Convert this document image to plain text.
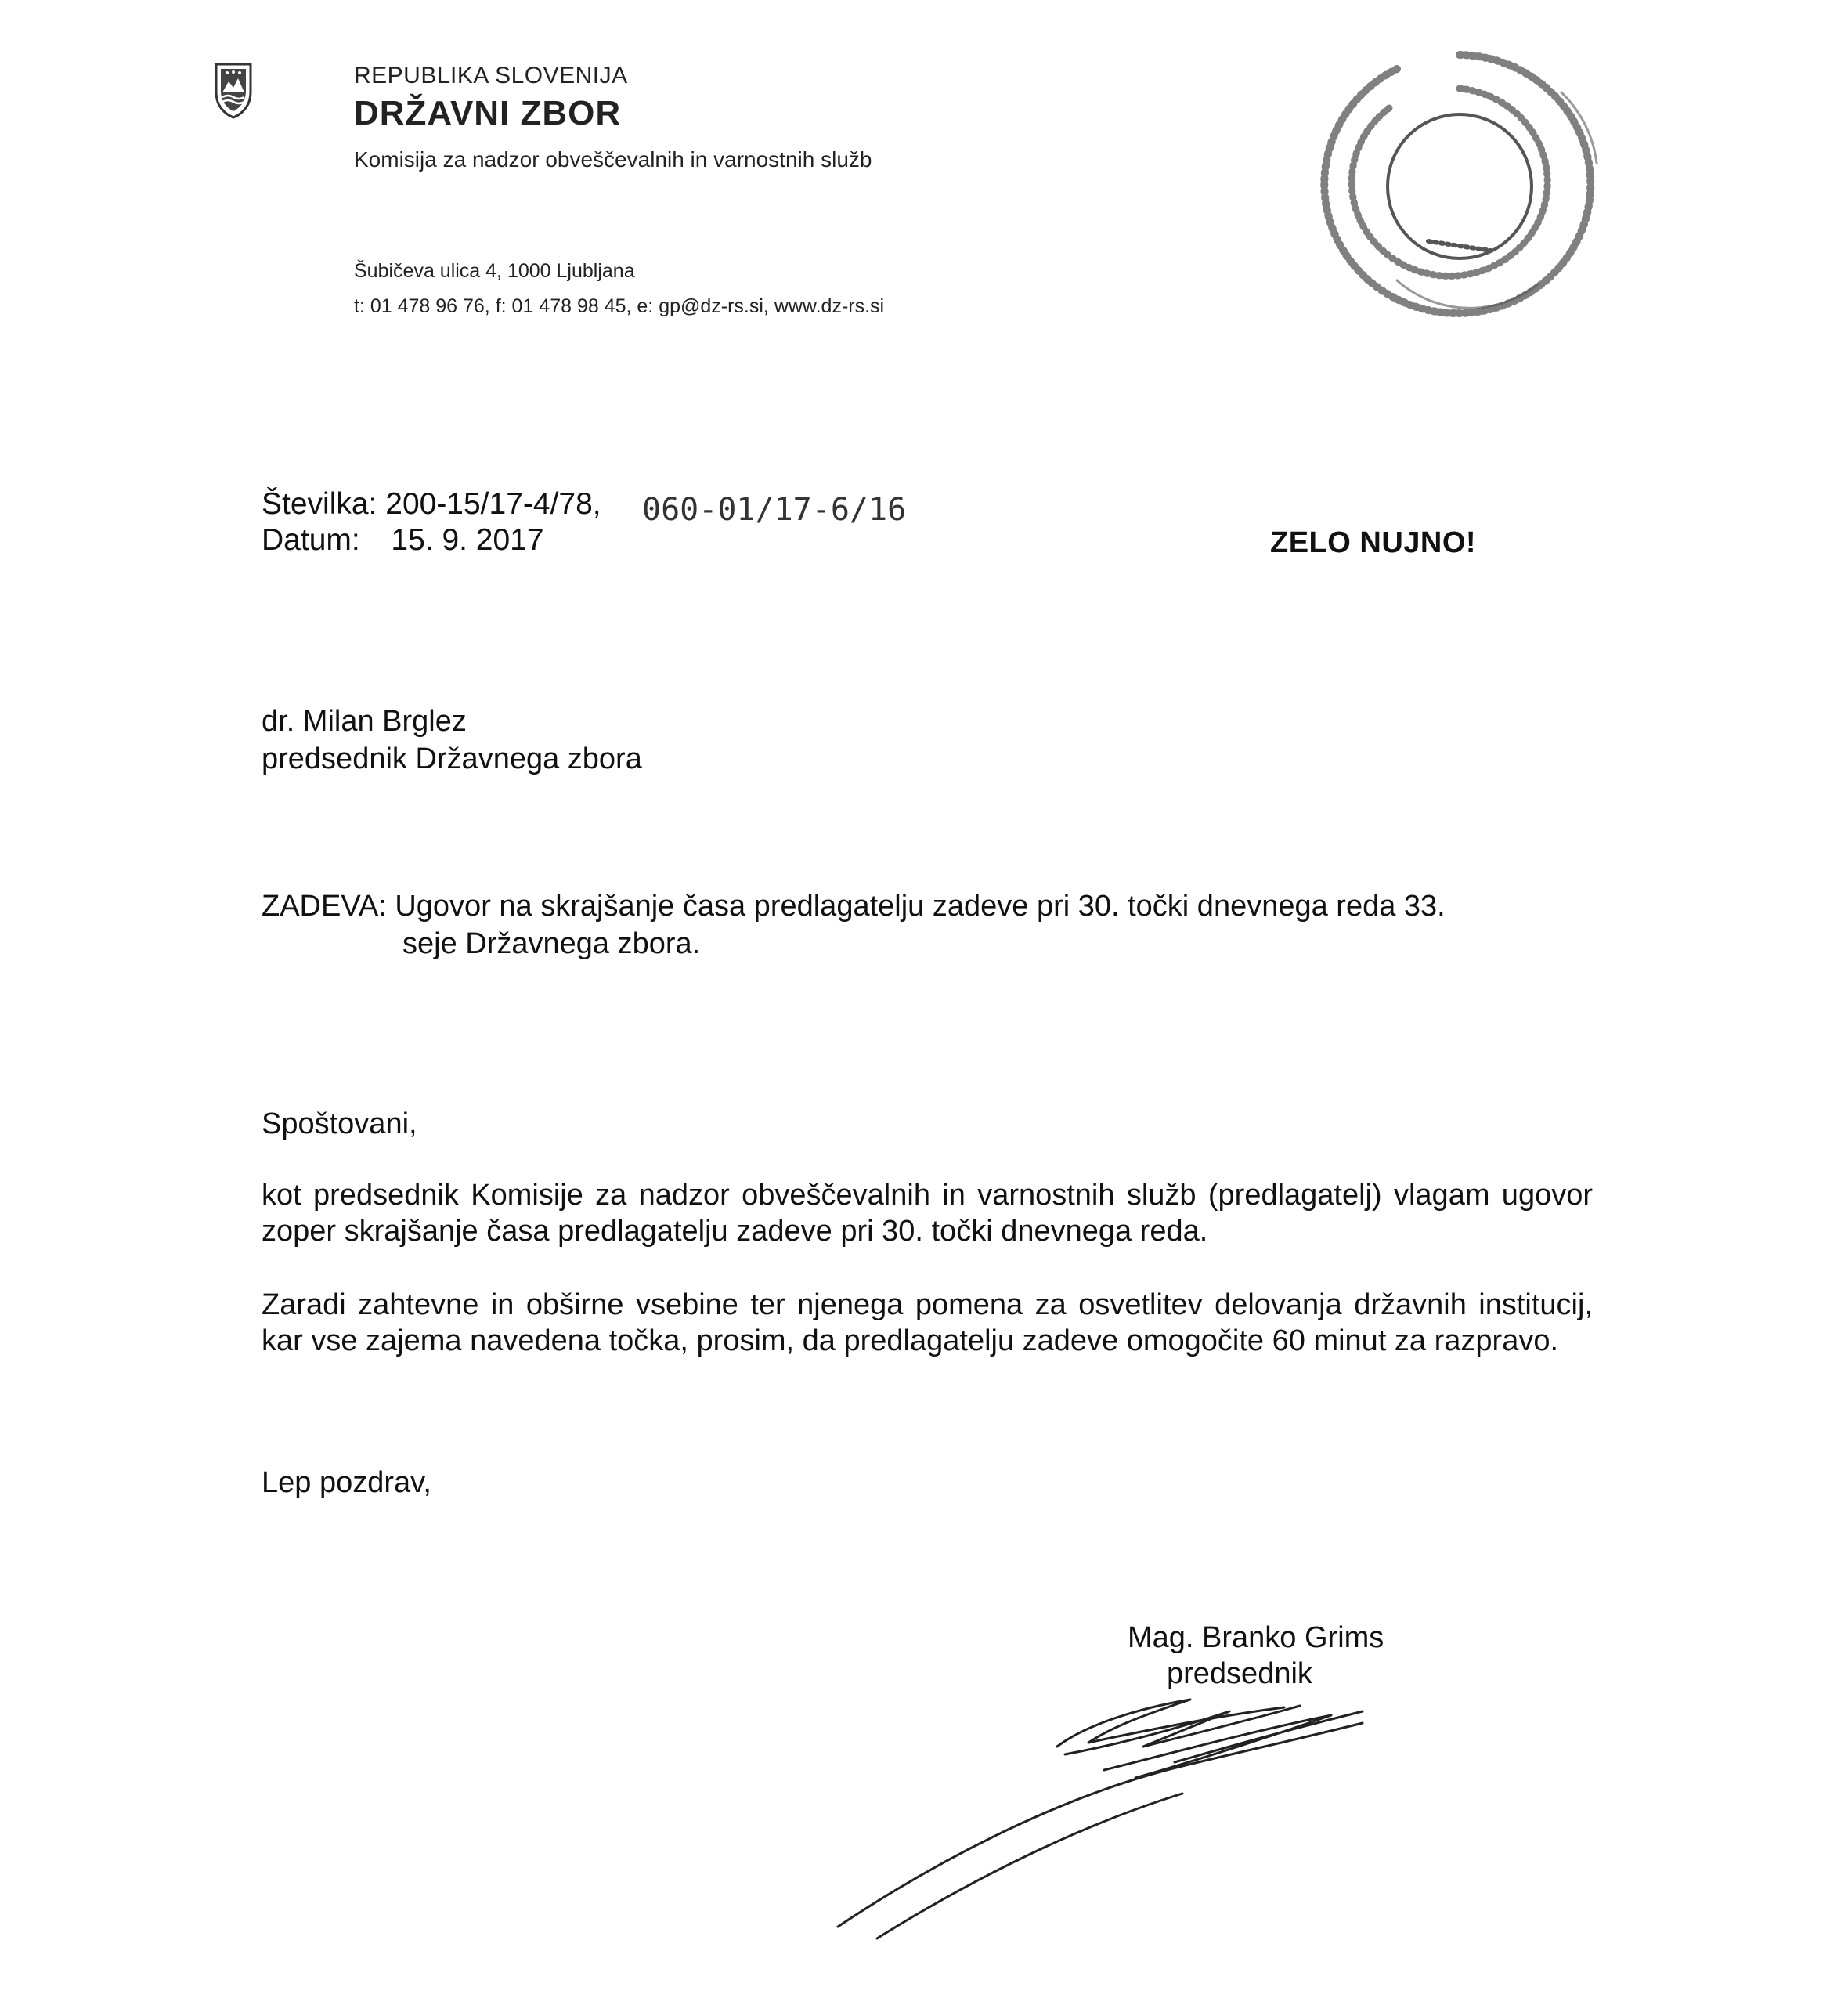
REPUBLIKA SLOVENIJA
DRŽAVNI ZBOR
Komisija za nadzor obveščevalnih in varnostnih služb
Šubičeva ulica 4, 1000 Ljubljana
t: 01 478 96 76, f: 01 478 98 45, e: gp@dz-rs.si, www.dz-rs.si
Številka: 200-15/17-4/78, 060-01/17-6/16
Datum: 15. 9. 2017	ZELO NUJNO!
dr. Milan Brglez
predsednik Državnega zbora
ZADEVA: Ugovor na skrajšanje časa predlagatelju zadeve pri 30. točki dnevnega reda 33.
seje Državnega zbora.
Spoštovani,
kot predsednik Komisije za nadzor obveščevalnih in varnostnih služb (predlagatelj) vlagam ugovor zoper skrajšanje časa predlagatelju zadeve pri 30. točki dnevnega reda.
Zaradi zahtevne in obširne vsebine ter njenega pomena za osvetlitev delovanja državnih institucij, kar vse zajema navedena točka, prosim, da predlagatelju zadeve omogočite 60 minut za razpravo.
Lep pozdrav,
Mag. Branko Grims
predsednik
